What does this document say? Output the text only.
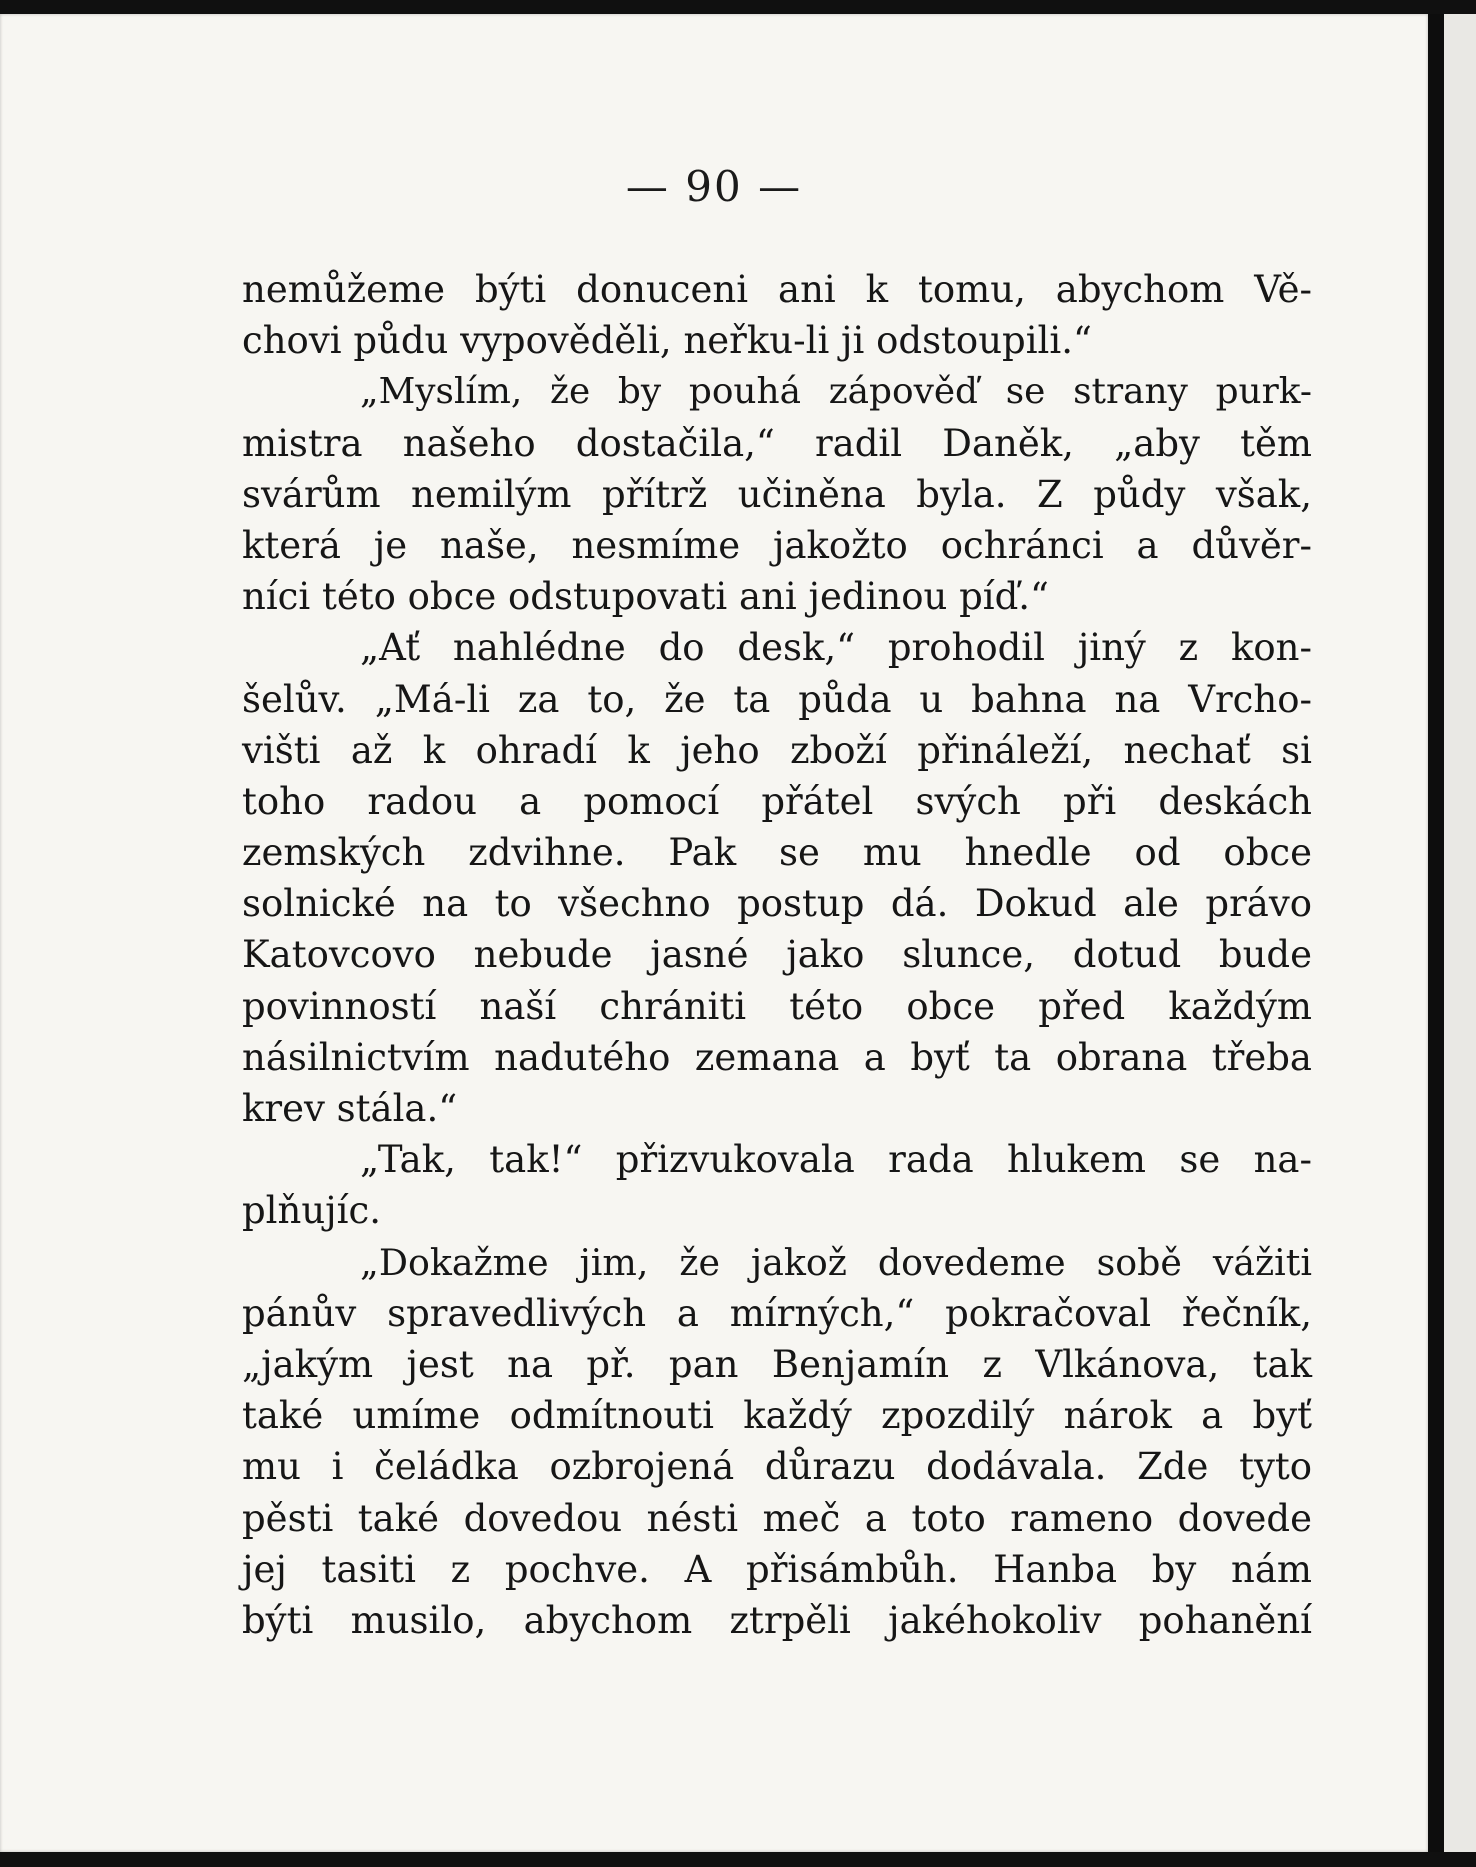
— 90 —
nemůžeme býti donuceni ani k tomu, abychom Vě-
chovi půdu vypověděli, neřku-li ji odstoupili.“
„Myslím, že by pouhá zápověď se strany purk-
mistra našeho dostačila,“ radil Daněk, „aby těm
svárům nemilým přítrž učiněna byla. Z půdy však,
která je naše, nesmíme jakožto ochránci a důvěr-
níci této obce odstupovati ani jedinou píď.“
„Ať nahlédne do desk,“ prohodil jiný z kon-
šelův. „Má-li za to, že ta půda u bahna na Vrcho-
višti až k ohradí k jeho zboží přináleží, nechať si
toho radou a pomocí přátel svých při deskách
zemských zdvihne. Pak se mu hnedle od obce
solnické na to všechno postup dá. Dokud ale právo
Katovcovo nebude jasné jako slunce, dotud bude
povinností naší chrániti této obce před každým
násilnictvím nadutého zemana a byť ta obrana třeba
krev stála.“
„Tak, tak!“ přizvukovala rada hlukem se na-
plňujíc.
„Dokažme jim, že jakož dovedeme sobě vážiti
pánův spravedlivých a mírných,“ pokračoval řečník,
„jakým jest na př. pan Benjamín z Vlkánova, tak
také umíme odmítnouti každý zpozdilý nárok a byť
mu i čeládka ozbrojená důrazu dodávala. Zde tyto
pěsti také dovedou nésti meč a toto rameno dovede
jej tasiti z pochve. A přisámbůh. Hanba by nám
býti musilo, abychom ztrpěli jakéhokoliv pohanění
